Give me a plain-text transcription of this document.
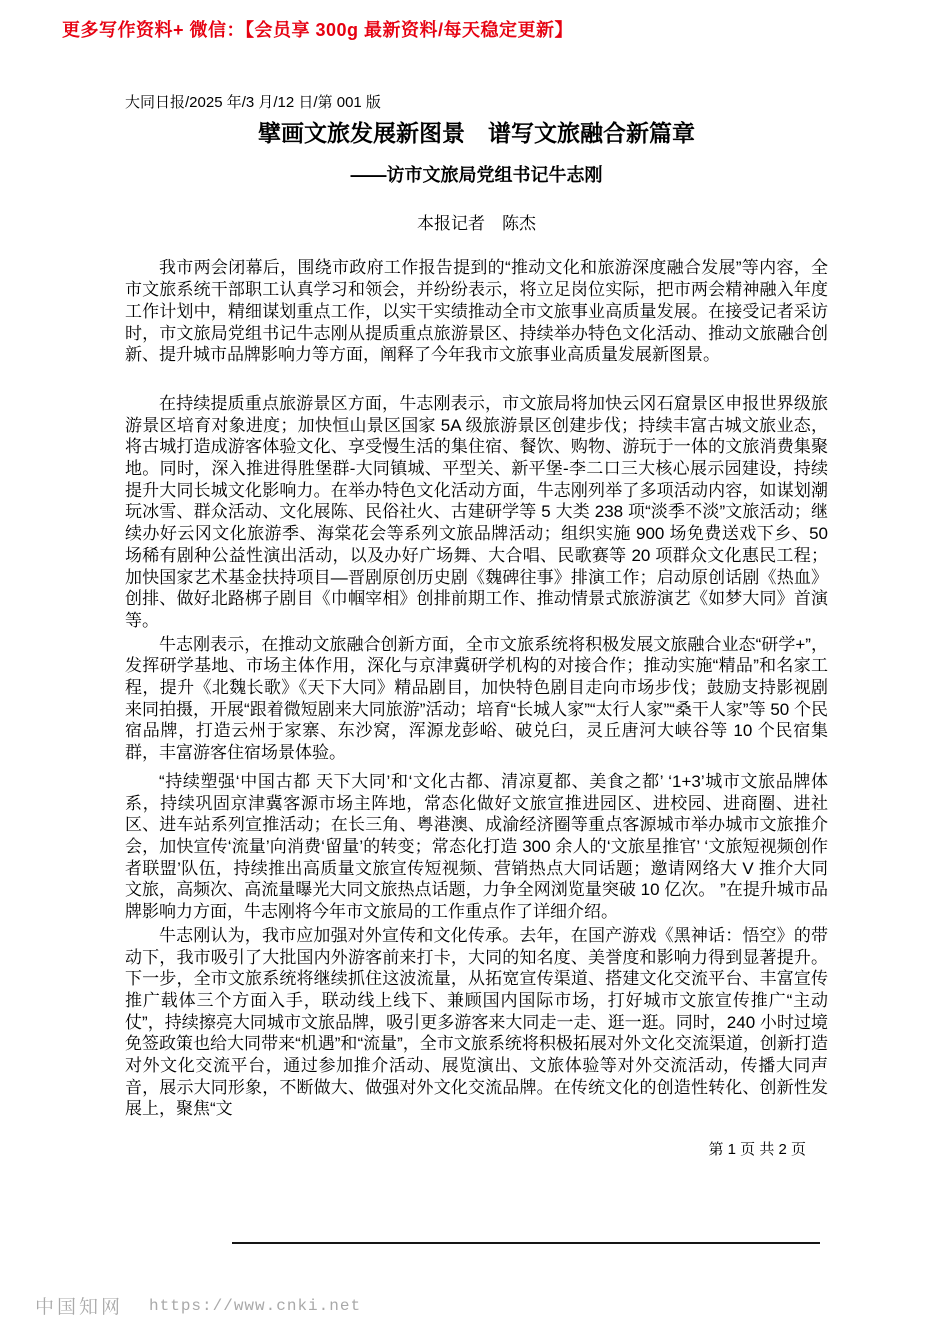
更多写作资料+ 微信：【会员享 300g 最新资料/每天稳定更新】
大同日报/2025 年/3 月/12 日/第 001 版
擘画文旅发展新图景　谱写文旅融合新篇章
——访市文旅局党组书记牛志刚
本报记者　陈杰

我市两会闭幕后，围绕市政府工作报告提到的“推动文化和旅游深度融合发展”等内容，全市文旅系统干部职工认真学习和领会，并纷纷表示，将立足岗位实际，把市两会精神融入年度工作计划中，精细谋划重点工作，以实干实绩推动全市文旅事业高质量发展。在接受记者采访时，市文旅局党组书记牛志刚从提质重点旅游景区、持续举办特色文化活动、推动文旅融合创新、提升城市品牌影响力等方面，阐释了今年我市文旅事业高质量发展新图景。

在持续提质重点旅游景区方面，牛志刚表示，市文旅局将加快云冈石窟景区申报世界级旅游景区培育对象进度；加快恒山景区国家 5A 级旅游景区创建步伐；持续丰富古城文旅业态，将古城打造成游客体验文化、享受慢生活的集住宿、餐饮、购物、游玩于一体的文旅消费集聚地。同时，深入推进得胜堡群-大同镇城、平型关、新平堡-李二口三大核心展示园建设，持续提升大同长城文化影响力。在举办特色文化活动方面，牛志刚列举了多项活动内容，如谋划潮玩冰雪、群众活动、文化展陈、民俗社火、古建研学等 5 大类 238 项“淡季不淡”文旅活动；继续办好云冈文化旅游季、海棠花会等系列文旅品牌活动；组织实施 900 场免费送戏下乡、50 场稀有剧种公益性演出活动，以及办好广场舞、大合唱、民歌赛等 20 项群众文化惠民工程；加快国家艺术基金扶持项目—晋剧原创历史剧《魏碑往事》排演工作；启动原创话剧《热血》创排、做好北路梆子剧目《巾帼宰相》创排前期工作、推动情景式旅游演艺《如梦大同》首演等。

牛志刚表示，在推动文旅融合创新方面，全市文旅系统将积极发展文旅融合业态“研学+”，发挥研学基地、市场主体作用，深化与京津冀研学机构的对接合作；推动实施“精品”和名家工程，提升《北魏长歌》《天下大同》精品剧目，加快特色剧目走向市场步伐；鼓励支持影视剧来同拍摄，开展“跟着微短剧来大同旅游”活动；培育“长城人家”“太行人家”“桑干人家”等 50 个民宿品牌，打造云州于家寨、东沙窝，浑源龙彭峪、破兑臼，灵丘唐河大峡谷等 10 个民宿集群，丰富游客住宿场景体验。

“持续塑强‘中国古都 天下大同’和‘文化古都、清凉夏都、美食之都’ ‘1+3’城市文旅品牌体系，持续巩固京津冀客源市场主阵地，常态化做好文旅宣推进园区、进校园、进商圈、进社区、进车站系列宣推活动；在长三角、粤港澳、成渝经济圈等重点客源城市举办城市文旅推介会，加快宣传‘流量’向消费‘留量’的转变；常态化打造 300 余人的‘文旅星推官’ ‘文旅短视频创作者联盟’队伍，持续推出高质量文旅宣传短视频、营销热点大同话题；邀请网络大 V 推介大同文旅，高频次、高流量曝光大同文旅热点话题，力争全网浏览量突破 10 亿次。 ”在提升城市品牌影响力方面，牛志刚将今年市文旅局的工作重点作了详细介绍。

牛志刚认为，我市应加强对外宣传和文化传承。去年，在国产游戏《黑神话：悟空》的带动下，我市吸引了大批国内外游客前来打卡，大同的知名度、美誉度和影响力得到显著提升。下一步，全市文旅系统将继续抓住这波流量，从拓宽宣传渠道、搭建文化交流平台、丰富宣传推广载体三个方面入手，联动线上线下、兼顾国内国际市场，打好城市文旅宣传推广“主动仗”，持续擦亮大同城市文旅品牌，吸引更多游客来大同走一走、逛一逛。同时，240 小时过境免签政策也给大同带来“机遇”和“流量”，全市文旅系统将积极拓展对外文化交流渠道，创新打造对外文化交流平台，通过参加推介活动、展览演出、文旅体验等对外交流活动，传播大同声音，展示大同形象，不断做大、做强对外文化交流品牌。在传统文化的创造性转化、创新性发展上，聚焦“文

第 1 页 共 2 页
中国知网 https://www.cnki.net
